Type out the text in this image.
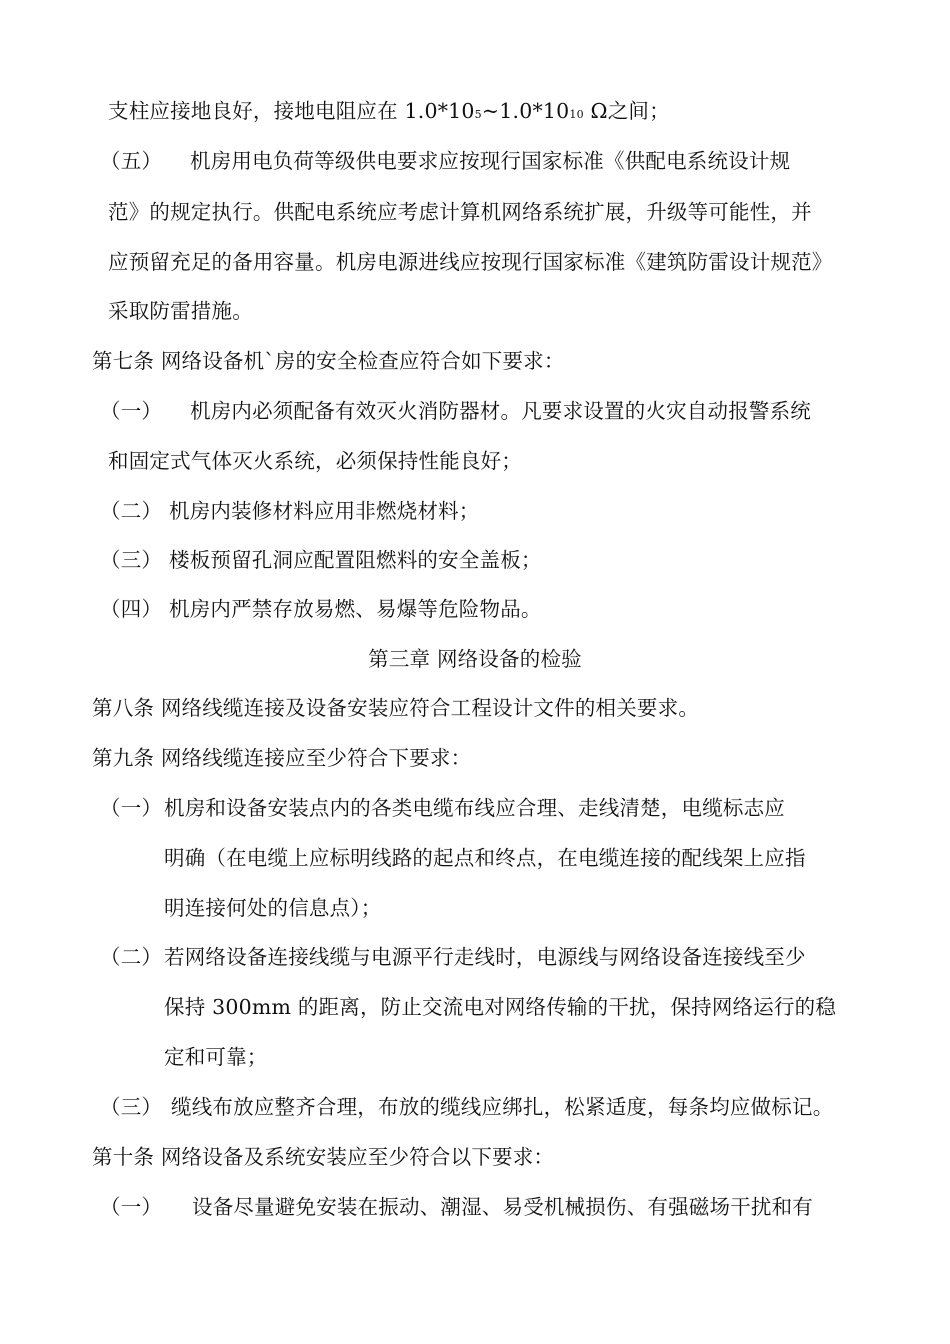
支柱应接地良好，接地电阻应在 1.0*105~1.0*1010 Ω之间；
（五） 机房用电负荷等级供电要求应按现行国家标准《供配电系统设计规
范》的规定执行。供配电系统应考虑计算机网络系统扩展，升级等可能性，并
应预留充足的备用容量。机房电源进线应按现行国家标准《建筑防雷设计规范》
采取防雷措施。
第七条 网络设备机`房的安全检查应符合如下要求：
（一） 机房内必须配备有效灭火消防器材。凡要求设置的火灾自动报警系统
和固定式气体灭火系统，必须保持性能良好；
（二） 机房内装修材料应用非燃烧材料；
（三） 楼板预留孔洞应配置阻燃料的安全盖板；
（四） 机房内严禁存放易燃、易爆等危险物品。
第三章 网络设备的检验
第八条 网络线缆连接及设备安装应符合工程设计文件的相关要求。
第九条 网络线缆连接应至少符合下要求：
（一）机房和设备安装点内的各类电缆布线应合理、走线清楚，电缆标志应
明确（在电缆上应标明线路的起点和终点，在电缆连接的配线架上应指
明连接何处的信息点）；
（二）若网络设备连接线缆与电源平行走线时，电源线与网络设备连接线至少
保持 300mm 的距离，防止交流电对网络传输的干扰，保持网络运行的稳
定和可靠；
（三） 缆线布放应整齐合理，布放的缆线应绑扎，松紧适度，每条均应做标记。
第十条 网络设备及系统安装应至少符合以下要求：
（一） 设备尽量避免安装在振动、潮湿、易受机械损伤、有强磁场干扰和有
